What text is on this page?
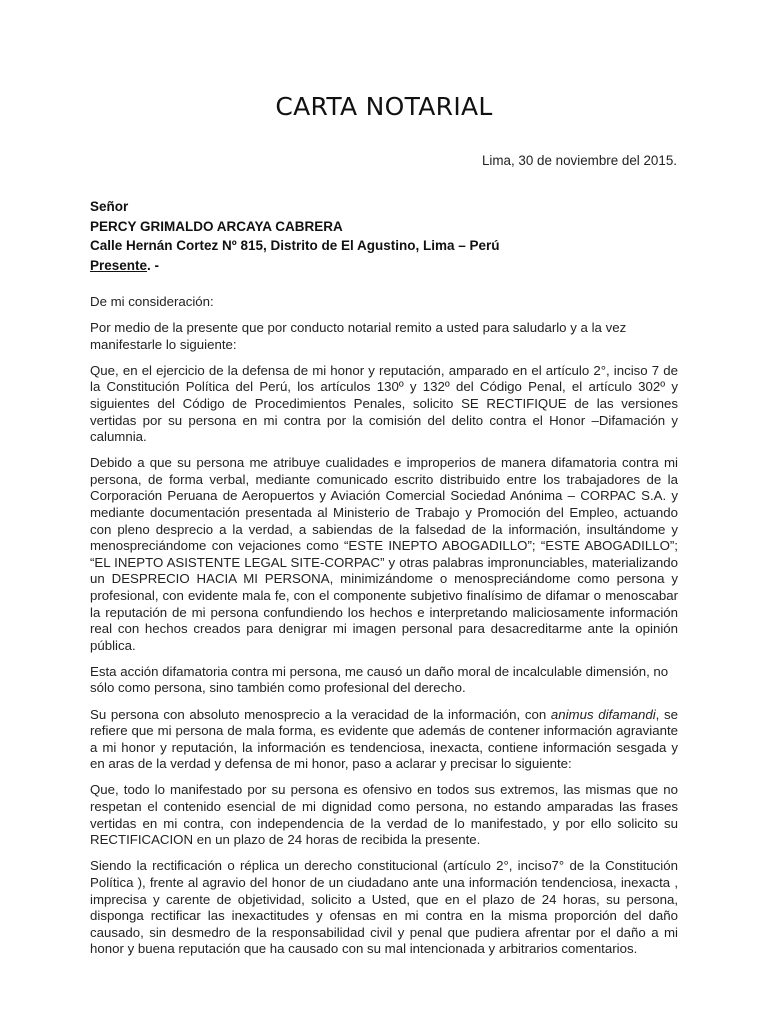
CARTA NOTARIAL
Lima, 30 de noviembre del 2015.
Señor
PERCY GRIMALDO ARCAYA CABRERA
Calle Hernán Cortez Nº 815, Distrito de El Agustino, Lima – Perú
Presente. -

De mi consideración:

Por medio de la presente que por conducto notarial remito a usted para saludarlo y a la vez manifestarle lo siguiente:

Que, en el ejercicio de la defensa de mi honor y reputación, amparado en el artículo 2°, inciso 7 de la Constitución Política del Perú, los artículos 130º y 132º del Código Penal, el artículo 302º y siguientes del Código de Procedimientos Penales, solicito SE RECTIFIQUE de las versiones vertidas por su persona en mi contra por la comisión del delito contra el Honor –Difamación y calumnia.

Debido a que su persona me atribuye cualidades e improperios de manera difamatoria contra mi persona, de forma verbal, mediante comunicado escrito distribuido entre los trabajadores de la Corporación Peruana de Aeropuertos y Aviación Comercial Sociedad Anónima – CORPAC S.A. y mediante documentación presentada al Ministerio de Trabajo y Promoción del Empleo, actuando con pleno desprecio a la verdad, a sabiendas de la falsedad de la información, insultándome y menospreciándome con vejaciones como “ESTE INEPTO ABOGADILLO”; “ESTE ABOGADILLO”; “EL INEPTO ASISTENTE LEGAL SITE-CORPAC” y otras palabras impronunciables, materializando un DESPRECIO HACIA MI PERSONA, minimizándome o menospreciándome como persona y profesional, con evidente mala fe, con el componente subjetivo finalísimo de difamar o menoscabar la reputación de mi persona confundiendo los hechos e interpretando maliciosamente información real con hechos creados para denigrar mi imagen personal para desacreditarme ante la opinión pública.

Esta acción difamatoria contra mi persona, me causó un daño moral de incalculable dimensión, no sólo como persona, sino también como profesional del derecho.

Su persona con absoluto menosprecio a la veracidad de la información, con animus difamandi, se refiere que mi persona de mala forma, es evidente que además de contener información agraviante a mi honor y reputación, la información es tendenciosa, inexacta, contiene información sesgada y en aras de la verdad y defensa de mi honor, paso a aclarar y precisar lo siguiente:

Que, todo lo manifestado por su persona es ofensivo en todos sus extremos, las mismas que no respetan el contenido esencial de mi dignidad como persona, no estando amparadas las frases vertidas en mi contra, con independencia de la verdad de lo manifestado, y por ello solicito su RECTIFICACION en un plazo de 24 horas de recibida la presente.

Siendo la rectificación o réplica un derecho constitucional (artículo 2°, inciso7° de la Constitución Política ), frente al agravio del honor de un ciudadano ante una información tendenciosa, inexacta , imprecisa y carente de objetividad, solicito a Usted, que en el plazo de 24 horas, su persona, disponga rectificar las inexactitudes y ofensas en mi contra en la misma proporción del daño causado, sin desmedro de la responsabilidad civil y penal que pudiera afrentar por el daño a mi honor y buena reputación que ha causado con su mal intencionada y arbitrarios comentarios.
